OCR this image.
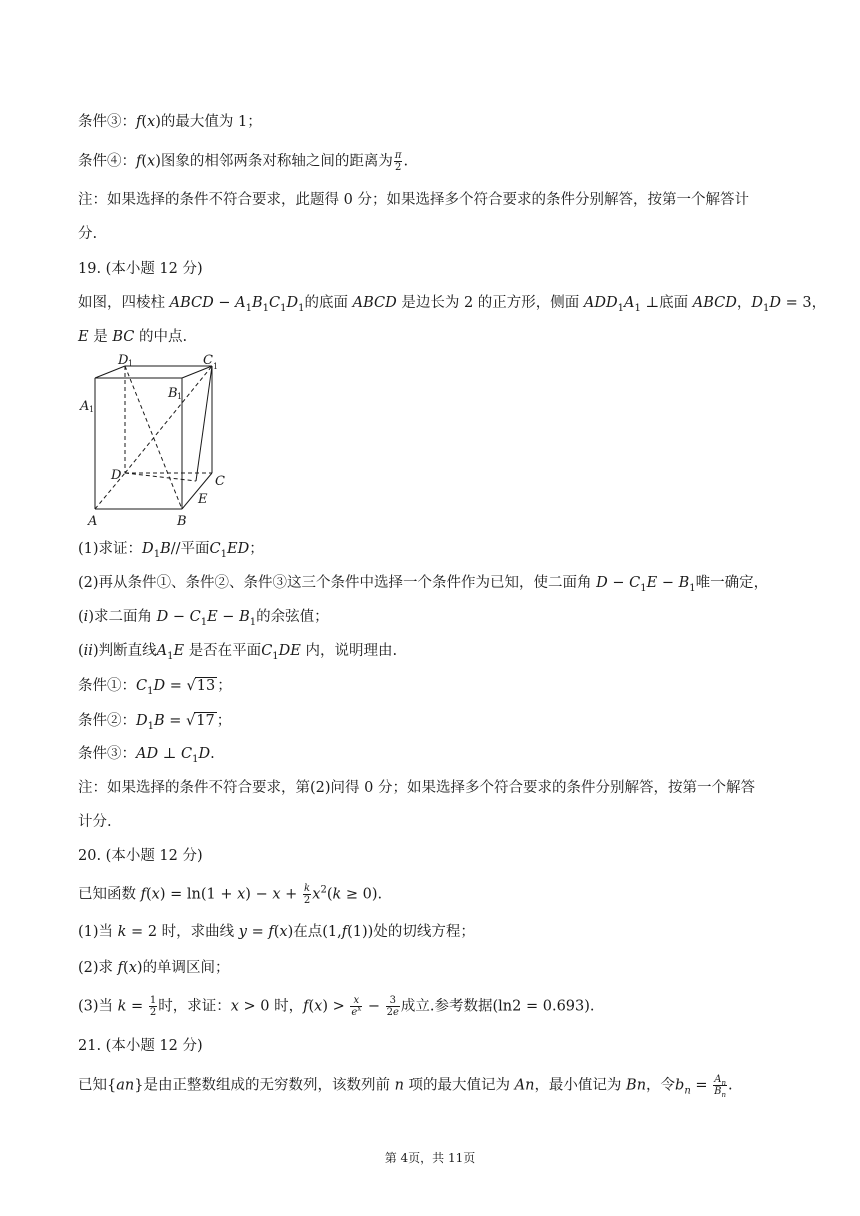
条件③：f(x)的最大值为 1；
条件④：f(x)图象的相邻两条对称轴之间的距离为 $\frac{\pi}{2}$ .
注：如果选择的条件不符合要求，此题得 0 分；如果选择多个符合要求的条件分别解答，按第一个解答计
分.
19. (本小题 12 分)
如图，四棱柱 ABCD − $A_1B_1C_1D_1$的底面 ABCD 是边长为 2 的正方形，侧面 $ADD_1A_1$ ⊥底面 ABCD，$D_1D = 3$，
E 是 BC 的中点.
D 1	C 1
B 1
A 1
D	C
E
B
A
(1)求证：$D_1B//$平面$C_1ED$；
(2)再从条件①、条件②、条件③这三个条件中选择一个条件作为已知，使二面角 $D - C_1E - B_1$唯一确定，
(i)求二面角 $D - C_1E - B_1$的余弦值；
(ii)判断直线$A_1E$ 是否在平面$C_1DE$ 内，说明理由.
条件①：$C_1D = √13$ ；
条件②：$D_1B = √17$ ；
条件③：AD ⊥ $C_1D$.
注：如果选择的条件不符合要求，第(2)问得 0 分；如果选择多个符合要求的条件分别解答，按第一个解答
计分.
20. (本小题 12 分)
已知函数 $f(x) = \ln(1 + x) - x + \frac{k}{2} x^2(k \ge 0)$.
(1)当 k = 2 时，求曲线 y = f(x)在点(1,f(1))处的切线方程；
(2)求 f(x)的单调区间；
(3)当 $k = \frac{1}{2}$ 时，求证：x > 0 时，$f(x) > \frac{x}{e^x} - \frac{3}{2e}$ 成立.参考数据(ln2 = 0.693).
21. (本小题 12 分)
已知{an}是由正整数组成的无穷数列，该数列前 n 项的最大值记为 An，最小值记为 Bn，令$b_n = \frac{A_n}{B_n}$ .
第 4页，共 11页
